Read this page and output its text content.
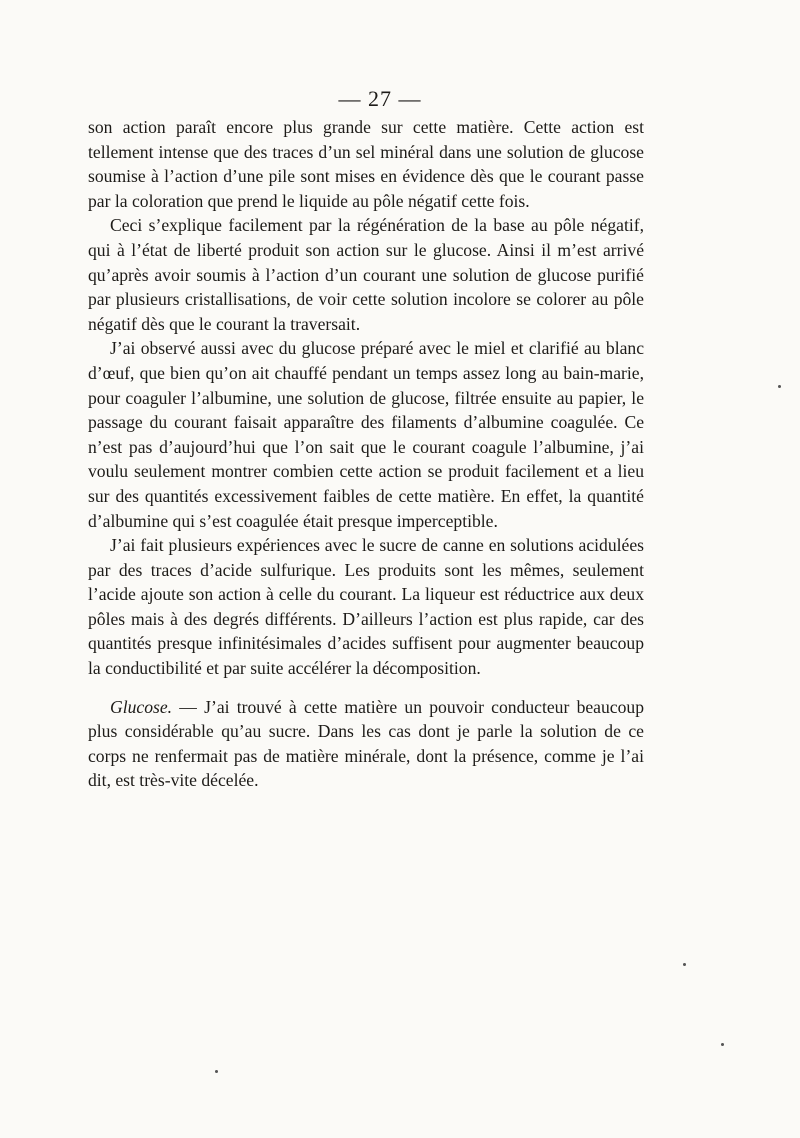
— 27 —

son action paraît encore plus grande sur cette matière. Cette action est tellement intense que des traces d’un sel minéral dans une solution de glucose soumise à l’action d’une pile sont mises en évidence dès que le courant passe par la coloration que prend le liquide au pôle négatif cette fois.

Ceci s’explique facilement par la régénération de la base au pôle négatif, qui à l’état de liberté produit son action sur le glucose. Ainsi il m’est arrivé qu’après avoir soumis à l’action d’un courant une solution de glucose purifié par plusieurs cristallisations, de voir cette solution incolore se colorer au pôle négatif dès que le courant la traversait.

J’ai observé aussi avec du glucose préparé avec le miel et clarifié au blanc d’œuf, que bien qu’on ait chauffé pendant un temps assez long au bain-marie, pour coaguler l’albumine, une solution de glucose, filtrée ensuite au papier, le passage du courant faisait apparaître des filaments d’albumine coagulée. Ce n’est pas d’aujourd’hui que l’on sait que le courant coagule l’albumine, j’ai voulu seulement montrer combien cette action se produit facilement et a lieu sur des quantités excessivement faibles de cette matière. En effet, la quantité d’albumine qui s’est coagulée était presque imperceptible.

J’ai fait plusieurs expériences avec le sucre de canne en solutions acidulées par des traces d’acide sulfurique. Les produits sont les mêmes, seulement l’acide ajoute son action à celle du courant. La liqueur est réductrice aux deux pôles mais à des degrés différents. D’ailleurs l’action est plus rapide, car des quantités presque infinitésimales d’acides suffisent pour augmenter beaucoup la conductibilité et par suite accélérer la décomposition.

Glucose. — J’ai trouvé à cette matière un pouvoir conducteur beaucoup plus considérable qu’au sucre. Dans les cas dont je parle la solution de ce corps ne renfermait pas de matière minérale, dont la présence, comme je l’ai dit, est très-vite décelée.
